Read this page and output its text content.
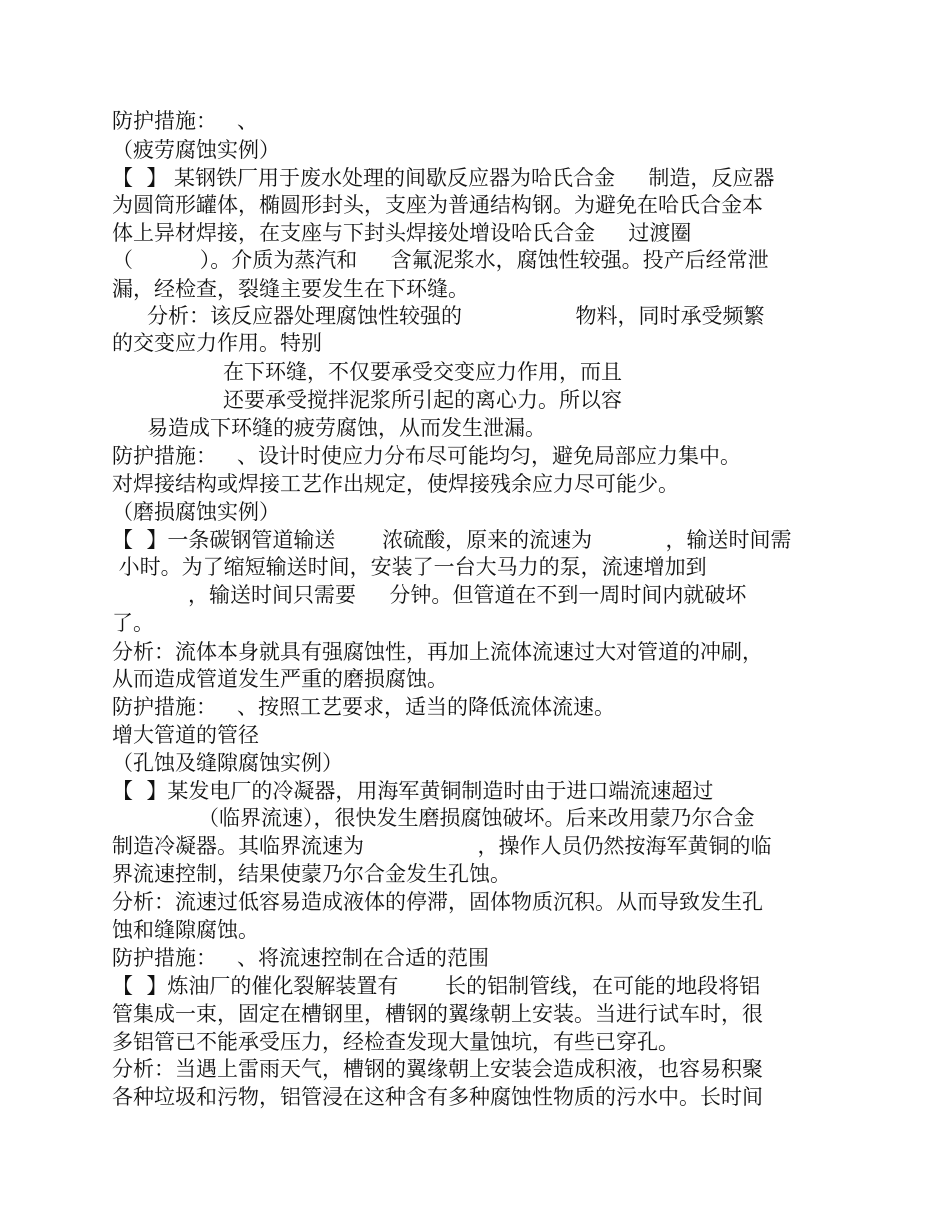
防护措施：   、
（疲劳腐蚀实例）
【  】 某钢铁厂用于废水处理的间歇反应器为哈氏合金     制造，反应器
为圆筒形罐体，椭圆形封头，支座为普通结构钢。为避免在哈氏合金本
体上异材焊接，在支座与下封头焊接处增设哈氏合金     过渡圈
（          ）。介质为蒸汽和     含氟泥浆水，腐蚀性较强。投产后经常泄
漏，经检查，裂缝主要发生在下环缝。
分析：该反应器处理腐蚀性较强的                 物料，同时承受频繁
的交变应力作用。特别
在下环缝，不仅要承受交变应力作用，而且
还要承受搅拌泥浆所引起的离心力。所以容
易造成下环缝的疲劳腐蚀，从而发生泄漏。
防护措施：   、设计时使应力分布尽可能均匀，避免局部应力集中。
对焊接结构或焊接工艺作出规定，使焊接残余应力尽可能少。
（磨损腐蚀实例）
【  】一条碳钢管道输送       浓硫酸，原来的流速为           ，输送时间需
小时。为了缩短输送时间，安装了一台大马力的泵，流速增加到
，输送时间只需要     分钟。但管道在不到一周时间内就破坏
了。
分析：流体本身就具有强腐蚀性，再加上流体流速过大对管道的冲刷，
从而造成管道发生严重的磨损腐蚀。
防护措施：   、按照工艺要求，适当的降低流体流速。
增大管道的管径
（孔蚀及缝隙腐蚀实例）
【  】某发电厂的冷凝器，用海军黄铜制造时由于进口端流速超过
（临界流速），很快发生磨损腐蚀破坏。后来改用蒙乃尔合金
制造冷凝器。其临界流速为                 ，操作人员仍然按海军黄铜的临
界流速控制，结果使蒙乃尔合金发生孔蚀。
分析：流速过低容易造成液体的停滞，固体物质沉积。从而导致发生孔
蚀和缝隙腐蚀。
防护措施：   、将流速控制在合适的范围
【  】炼油厂的催化裂解装置有       长的铝制管线，在可能的地段将铝
管集成一束，固定在槽钢里，槽钢的翼缘朝上安装。当进行试车时，很
多铝管已不能承受压力，经检查发现大量蚀坑，有些已穿孔。
分析：当遇上雷雨天气，槽钢的翼缘朝上安装会造成积液，也容易积聚
各种垃圾和污物，铝管浸在这种含有多种腐蚀性物质的污水中。长时间
